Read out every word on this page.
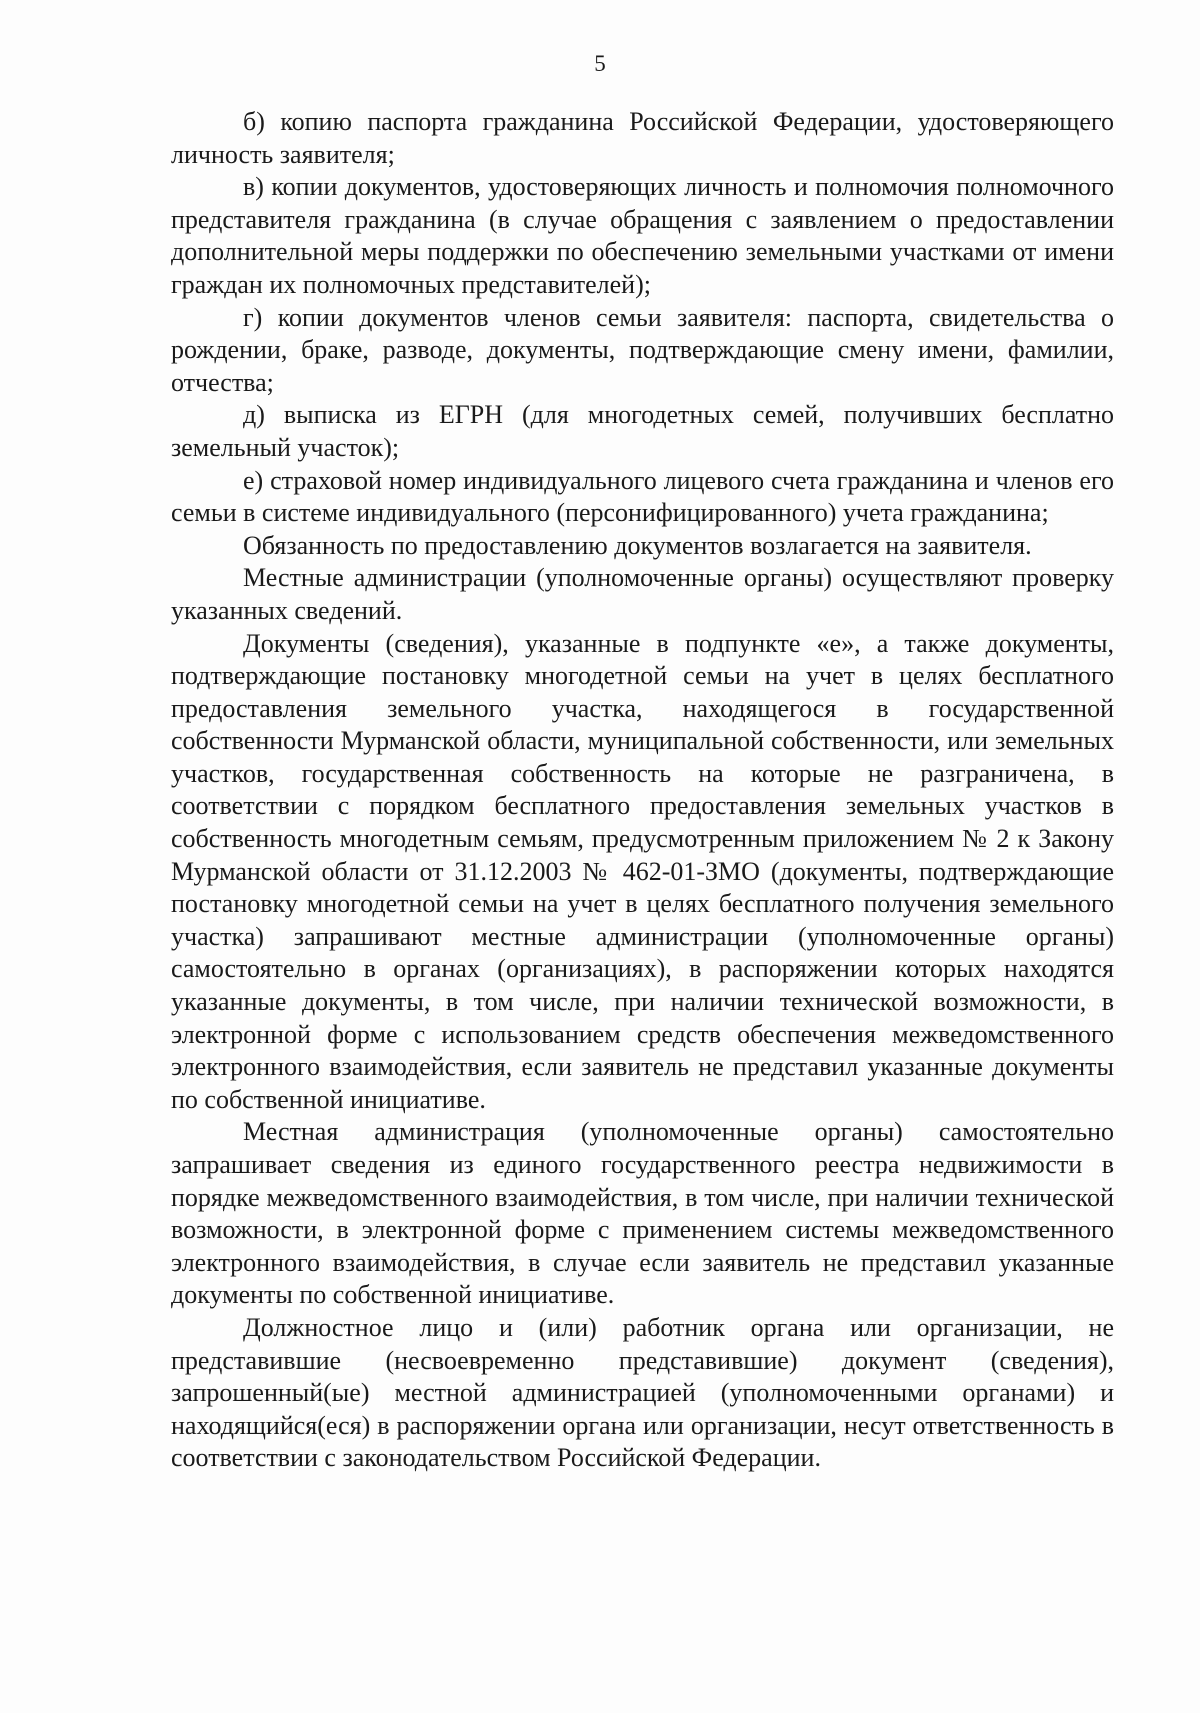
5

б) копию паспорта гражданина Российской Федерации, удостоверяющего личность заявителя;

в) копии документов, удостоверяющих личность и полномочия полномочного представителя гражданина (в случае обращения с заявлением о предоставлении дополнительной меры поддержки по обеспечению земельными участками от имени граждан их полномочных представителей);

г) копии документов членов семьи заявителя: паспорта, свидетельства о рождении, браке, разводе, документы, подтверждающие смену имени, фамилии, отчества;

д) выписка из ЕГРН (для многодетных семей, получивших бесплатно земельный участок);

е) страховой номер индивидуального лицевого счета гражданина и членов его семьи в системе индивидуального (персонифицированного) учета гражданина;

Обязанность по предоставлению документов возлагается на заявителя.

Местные администрации (уполномоченные органы) осуществляют проверку указанных сведений.

Документы (сведения), указанные в подпункте «е», а также документы, подтверждающие постановку многодетной семьи на учет в целях бесплатного предоставления земельного участка, находящегося в государственной собственности Мурманской области, муниципальной собственности, или земельных участков, государственная собственность на которые не разграничена, в соответствии с порядком бесплатного предоставления земельных участков в собственность многодетным семьям, предусмотренным приложением № 2 к Закону Мурманской области от 31.12.2003 № 462-01-ЗМО (документы, подтверждающие постановку многодетной семьи на учет в целях бесплатного получения земельного участка) запрашивают местные администрации (уполномоченные органы) самостоятельно в органах (организациях), в распоряжении которых находятся указанные документы, в том числе, при наличии технической возможности, в электронной форме с использованием средств обеспечения межведомственного электронного взаимодействия, если заявитель не представил указанные документы по собственной инициативе.

Местная администрация (уполномоченные органы) самостоятельно запрашивает сведения из единого государственного реестра недвижимости в порядке межведомственного взаимодействия, в том числе, при наличии технической возможности, в электронной форме с применением системы межведомственного электронного взаимодействия, в случае если заявитель не представил указанные документы по собственной инициативе.

Должностное лицо и (или) работник органа или организации, не представившие (несвоевременно представившие) документ (сведения), запрошенный(ые) местной администрацией (уполномоченными органами) и находящийся(еся) в распоряжении органа или организации, несут ответственность в соответствии с законодательством Российской Федерации.
